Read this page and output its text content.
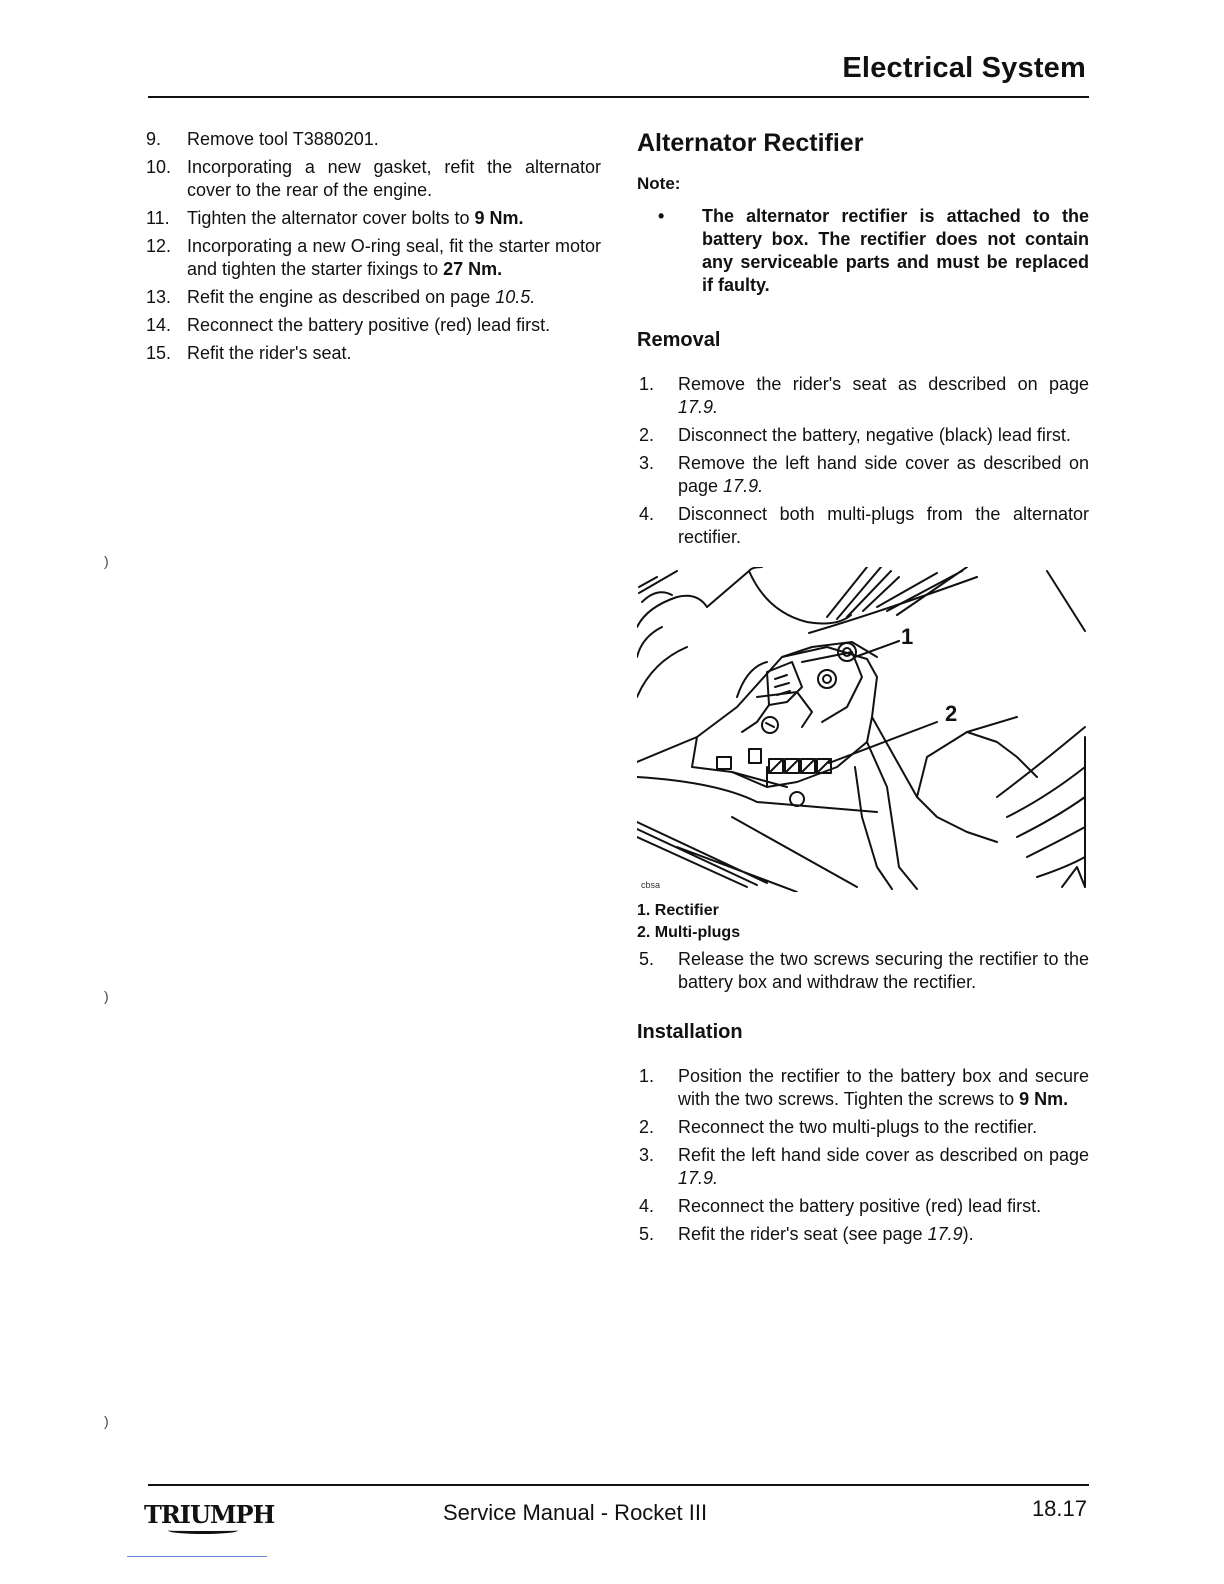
Electrical System
9. Remove tool T3880201.
10. Incorporating a new gasket, refit the alternator cover to the rear of the engine.
11. Tighten the alternator cover bolts to 9 Nm.
12. Incorporating a new O-ring seal, fit the starter motor and tighten the starter fixings to 27 Nm.
13. Refit the engine as described on page 10.5.
14. Reconnect the battery positive (red) lead first.
15. Refit the rider's seat.
Alternator Rectifier
Note:
• The alternator rectifier is attached to the battery box. The rectifier does not contain any serviceable parts and must be replaced if faulty.
Removal
1. Remove the rider's seat as described on page 17.9.
2. Disconnect the battery, negative (black) lead first.
3. Remove the left hand side cover as described on page 17.9.
4. Disconnect both multi-plugs from the alternator rectifier.
1
2
cbsa
1. Rectifier
2. Multi-plugs
5. Release the two screws securing the rectifier to the battery box and withdraw the rectifier.
Installation
1. Position the rectifier to the battery box and secure with the two screws. Tighten the screws to 9 Nm.
2. Reconnect the two multi-plugs to the rectifier.
3. Refit the left hand side cover as described on page 17.9.
4. Reconnect the battery positive (red) lead first.
5. Refit the rider's seat (see page 17.9).
)
)
)
TRIUMPH	Service Manual - Rocket III	18.17
